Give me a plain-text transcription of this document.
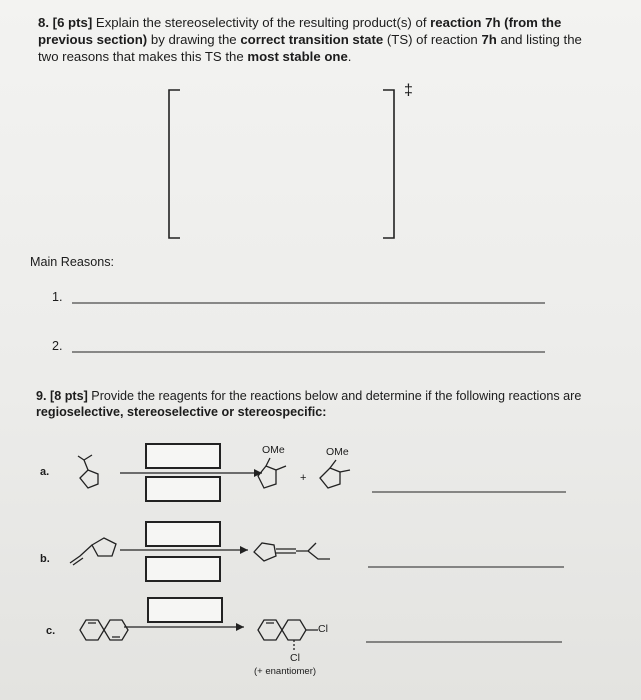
8. [6 pts] Explain the stereoselectivity of the resulting product(s) of reaction 7h (from the previous section) by drawing the correct transition state (TS) of reaction 7h and listing the two reasons that makes this TS the most stable one.
‡
Main Reasons:
1.
2.
9. [8 pts] Provide the reagents for the reactions below and determine if the following reactions are regioselective, stereoselective or stereospecific:
a.
OMe	OMe
+
b.
c.	Cl
Cl
(+ enantiomer)
